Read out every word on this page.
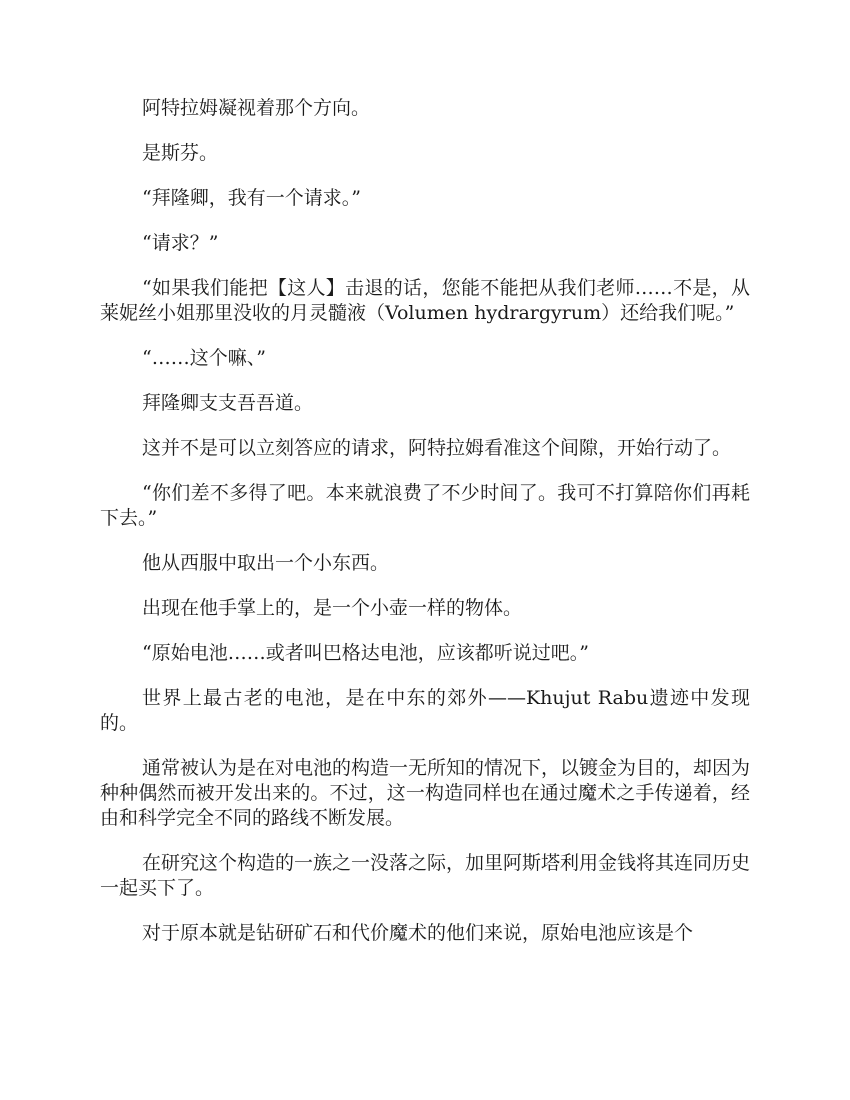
阿特拉姆凝视着那个方向。

是斯芬。

“拜隆卿，我有一个请求。”

“请求？”

“如果我们能把【这人】击退的话，您能不能把从我们老师……不是，从莱妮丝小姐那里没收的月灵髓液（Volumen hydrargyrum）还给我们呢。”

“……这个嘛、”

拜隆卿支支吾吾道。

这并不是可以立刻答应的请求，阿特拉姆看准这个间隙，开始行动了。

“你们差不多得了吧。本来就浪费了不少时间了。我可不打算陪你们再耗下去。”

他从西服中取出一个小东西。

出现在他手掌上的，是一个小壶一样的物体。

“原始电池……或者叫巴格达电池，应该都听说过吧。”

世界上最古老的电池，是在中东的郊外——Khujut Rabu遗迹中发现的。

通常被认为是在对电池的构造一无所知的情况下，以镀金为目的，却因为种种偶然而被开发出来的。不过，这一构造同样也在通过魔术之手传递着，经由和科学完全不同的路线不断发展。

在研究这个构造的一族之一没落之际，加里阿斯塔利用金钱将其连同历史一起买下了。

对于原本就是钻研矿石和代价魔术的他们来说，原始电池应该是个
